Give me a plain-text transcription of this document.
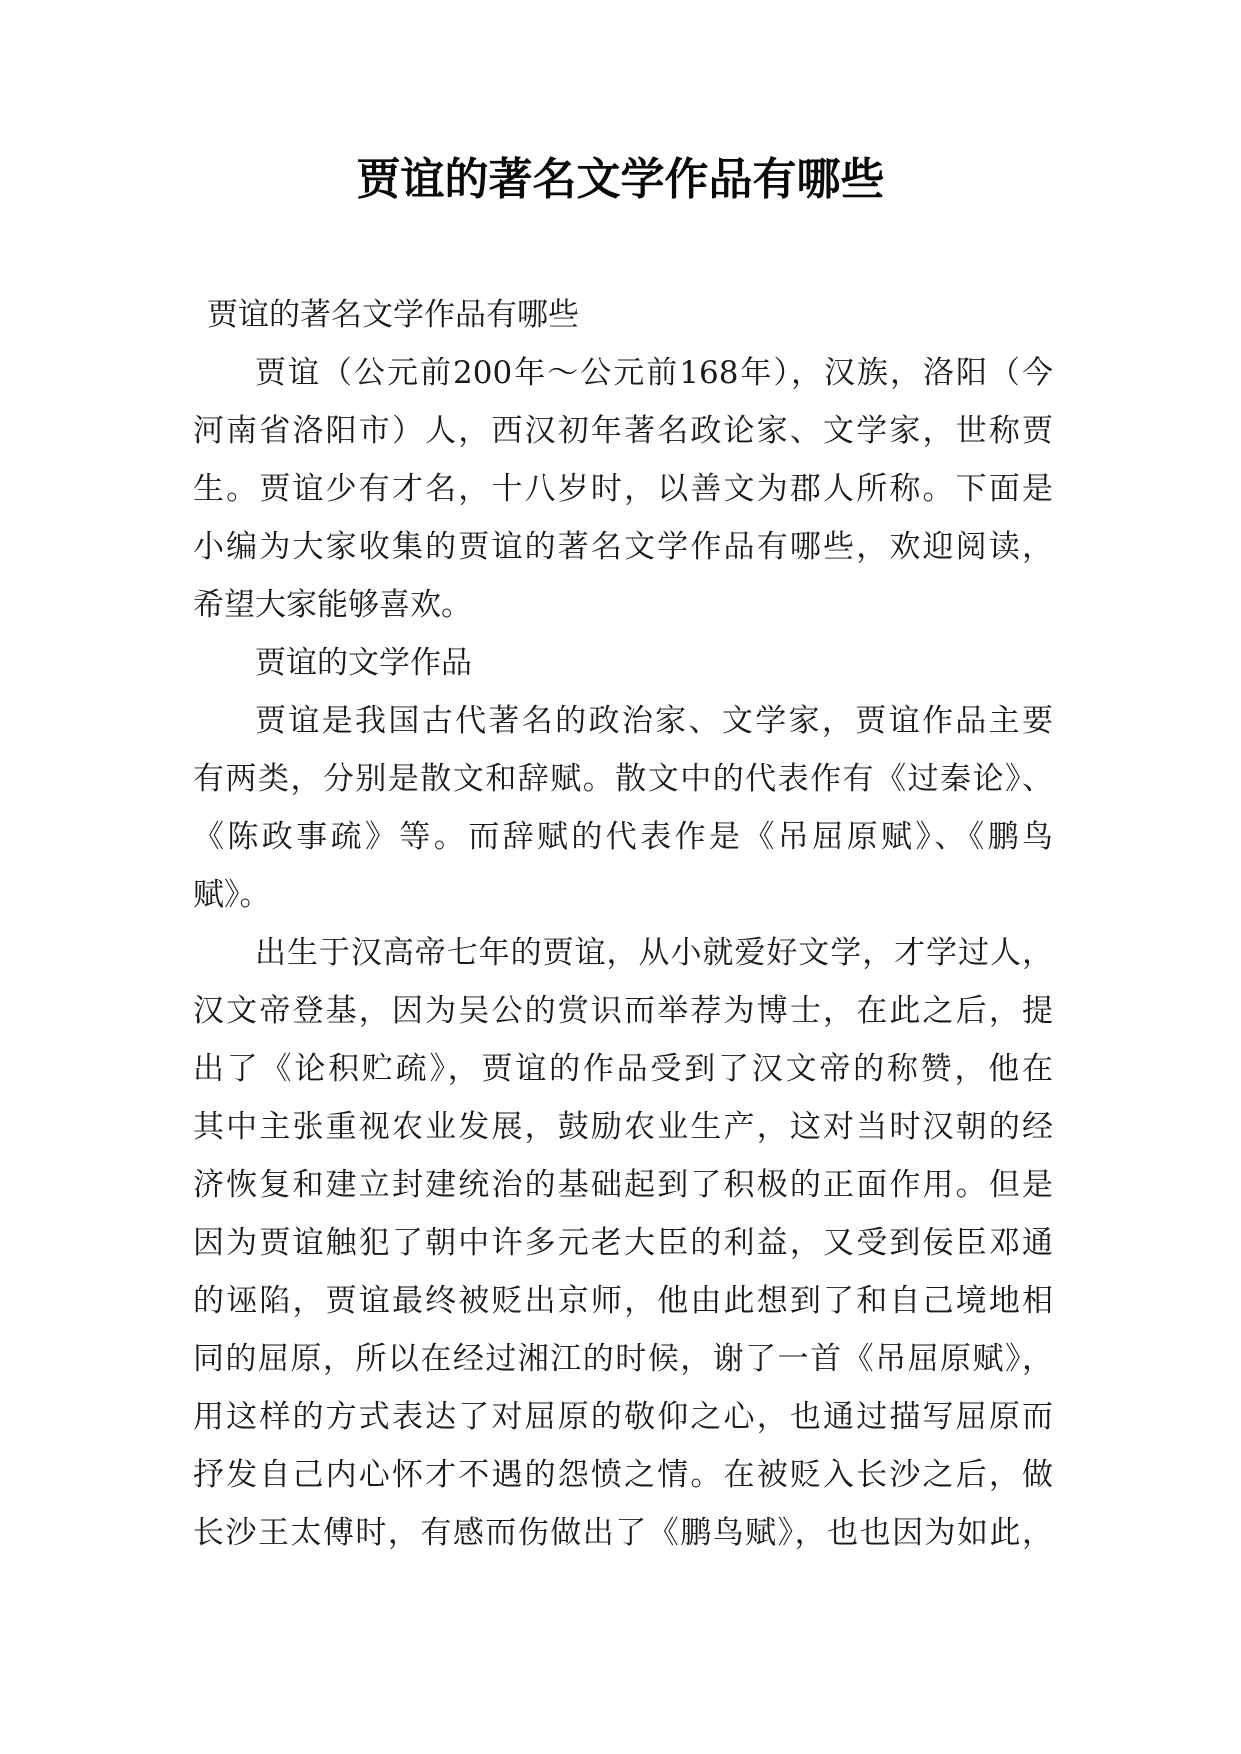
贾谊的著名文学作品有哪些

贾谊的著名文学作品有哪些

贾谊（公元前200年～公元前168年），汉族，洛阳（今
河南省洛阳市）人，西汉初年著名政论家、文学家，世称贾
生。贾谊少有才名，十八岁时，以善文为郡人所称。下面是
小编为大家收集的贾谊的著名文学作品有哪些，欢迎阅读，
希望大家能够喜欢。

贾谊的文学作品

贾谊是我国古代著名的政治家、文学家，贾谊作品主要
有两类，分别是散文和辞赋。散文中的代表作有《过秦论》、
《陈政事疏》等。而辞赋的代表作是《吊屈原赋》、《鹏鸟
赋》。
出生于汉高帝七年的贾谊，从小就爱好文学，才学过人，
汉文帝登基，因为吴公的赏识而举荐为博士，在此之后，提
出了《论积贮疏》，贾谊的作品受到了汉文帝的称赞，他在
其中主张重视农业发展，鼓励农业生产，这对当时汉朝的经
济恢复和建立封建统治的基础起到了积极的正面作用。但是
因为贾谊触犯了朝中许多元老大臣的利益，又受到佞臣邓通
的诬陷，贾谊最终被贬出京师，他由此想到了和自己境地相
同的屈原，所以在经过湘江的时候，谢了一首《吊屈原赋》，
用这样的方式表达了对屈原的敬仰之心，也通过描写屈原而
抒发自己内心怀才不遇的怨愤之情。在被贬入长沙之后，做
长沙王太傅时，有感而伤做出了《鹏鸟赋》，也也因为如此，
